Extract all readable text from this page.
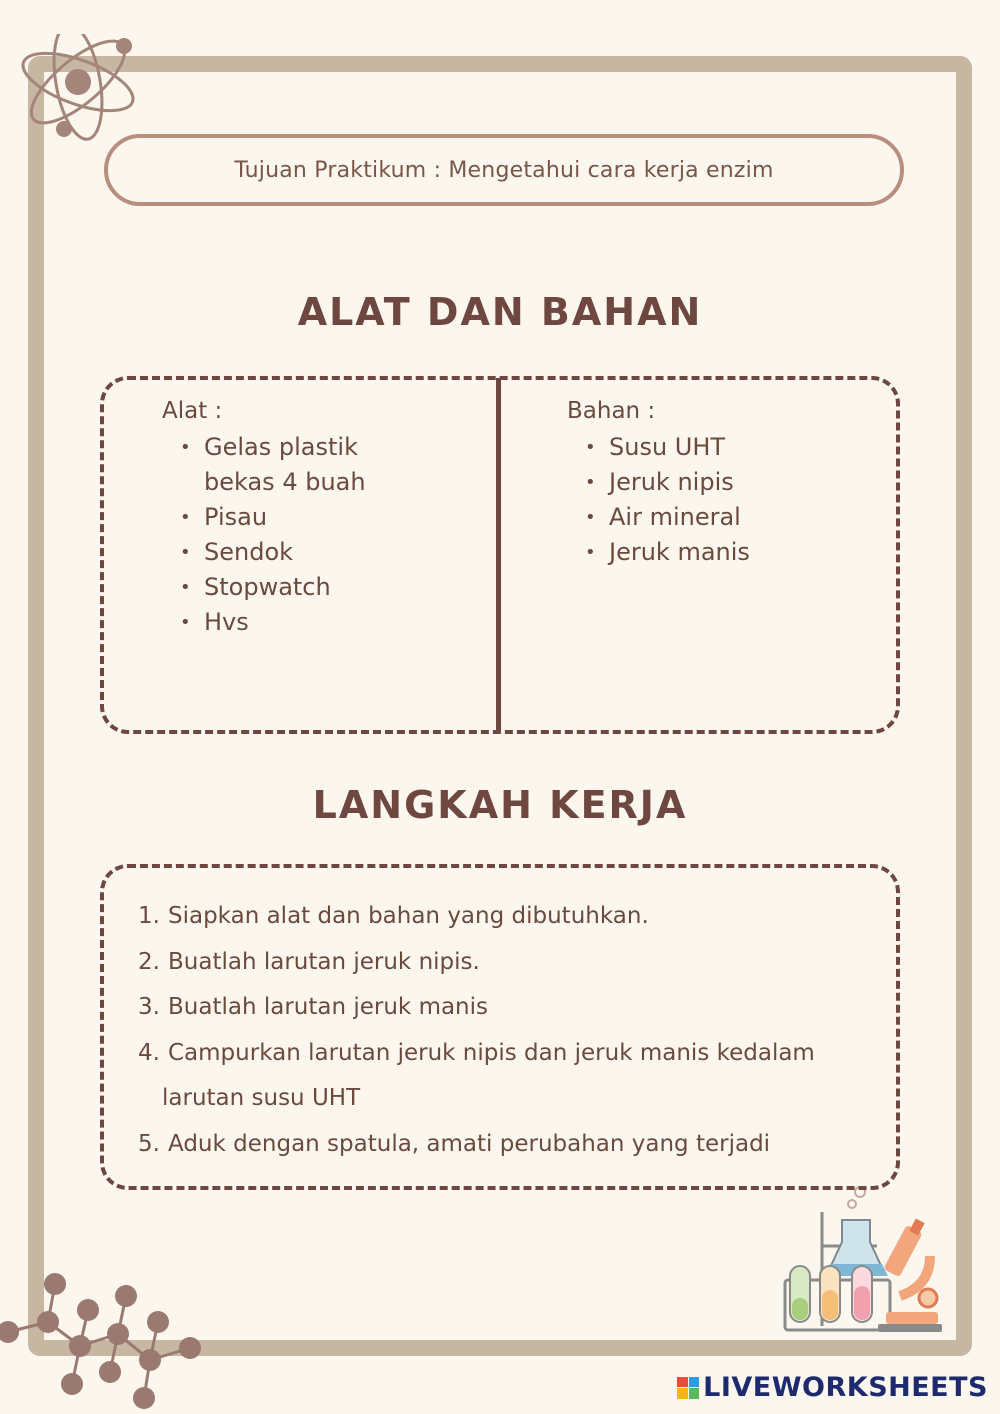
Tujuan Praktikum : Mengetahui cara kerja enzim
ALAT DAN BAHAN
Alat :
• Gelas plastik
bekas 4 buah
• Pisau
• Sendok
• Stopwatch
• Hvs
Bahan :
• Susu UHT
• Jeruk nipis
• Air mineral
• Jeruk manis
LANGKAH KERJA
1. Siapkan alat dan bahan yang dibutuhkan.
2. Buatlah larutan jeruk nipis.
3. Buatlah larutan jeruk manis
4. Campurkan larutan jeruk nipis dan jeruk manis kedalam
larutan susu UHT
5. Aduk dengan spatula, amati perubahan yang terjadi
LIVEWORKSHEETS
